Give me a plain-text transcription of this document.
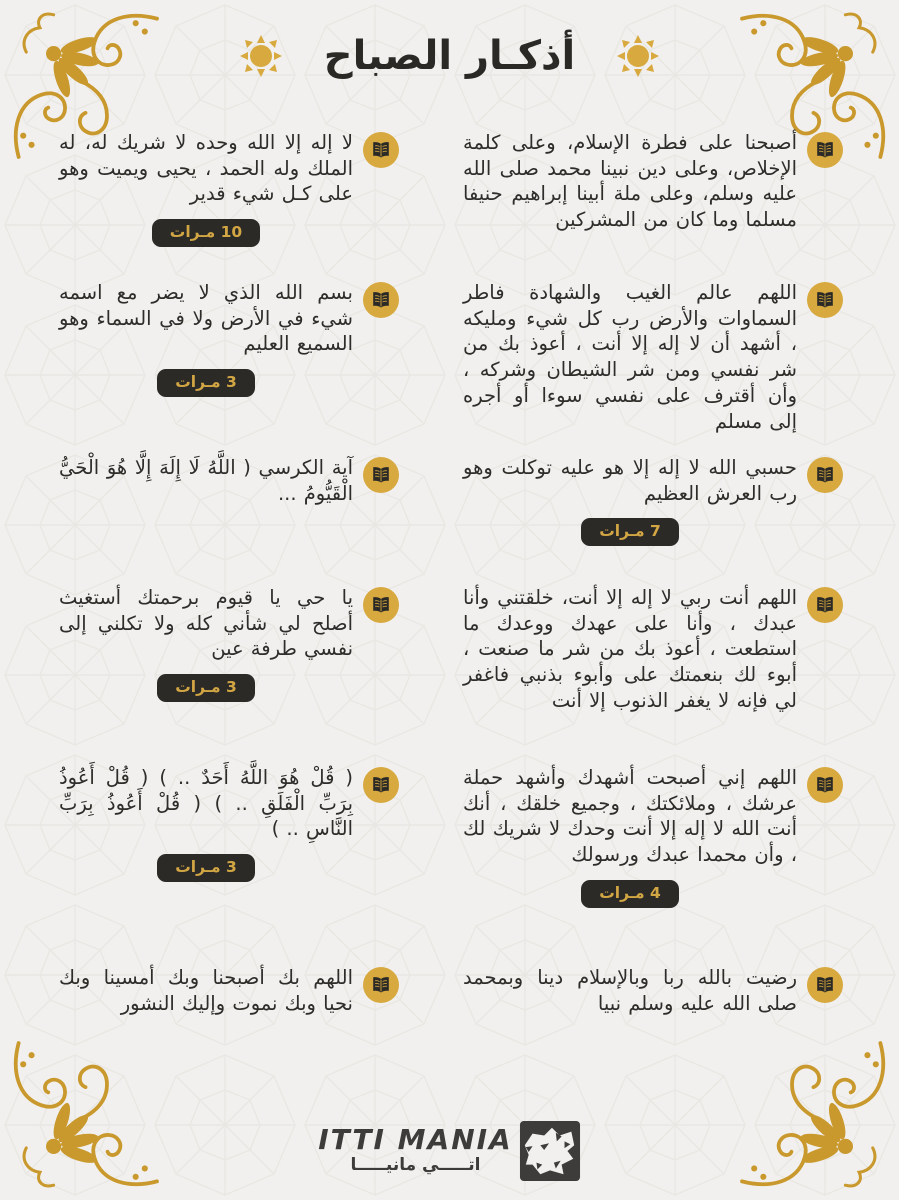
أذكـار الصباح

أصبحنا على فطرة الإسلام، وعلى كلمة الإخلاص، وعلى دين نبينا محمد صلى الله عليه وسلم، وعلى ملة أبينا إبراهيم حنيفا مسلما وما كان من المشركين

لا إله إلا الله وحده لا شريك له، له الملك وله الحمد ، يحيى ويميت وهو على كـل شيء قدير

10 مـرات

اللهم عالم الغيب والشهادة فاطر السماوات والأرض رب كل شيء ومليكه ، أشهد أن لا إله إلا أنت ، أعوذ بك من شر نفسي ومن شر الشيطان وشركه ، وأن أقترف على نفسي سوءا أو أجره إلى مسلم

بسم الله الذي لا يضر مع اسمه شيء في الأرض ولا في السماء وهو السميع العليم

3 مـرات

حسبي الله لا إله إلا هو عليه توكلت وهو رب العرش العظيم

7 مـرات

آية الكرسي ( اللَّهُ لَا إِلَهَ إِلَّا هُوَ الْحَيُّ الْقَيُّومُ ...

اللهم أنت ربي لا إله إلا أنت، خلقتني وأنا عبدك ، وأنا على عهدك ووعدك ما استطعت ، أعوذ بك من شر ما صنعت ، أبوء لك بنعمتك على وأبوء بذنبي فاغفر لي فإنه لا يغفر الذنوب إلا أنت

يا حي يا قيوم برحمتك أستغيث أصلح لي شأني كله ولا تكلني إلى نفسي طرفة عين

3 مـرات

اللهم إني أصبحت أشهدك وأشهد حملة عرشك ، وملائكتك ، وجميع خلقك ، أنك أنت الله لا إله إلا أنت وحدك لا شريك لك ، وأن محمدا عبدك ورسولك

4 مـرات

( قُلْ هُوَ اللَّهُ أَحَدٌ .. ) ( قُلْ أَعُوذُ بِرَبِّ الْفَلَقِ .. ) ( قُلْ أَعُوذُ بِرَبِّ النَّاسِ .. )

3 مـرات

رضيت بالله ربا وبالإسلام دينا وبمحمد صلى الله عليه وسلم نبيا

اللهم بك أصبحنا وبك أمسينا وبك نحيا وبك نموت وإليك النشور

ITTI MANIA
اتـــــي مانيـــــا
